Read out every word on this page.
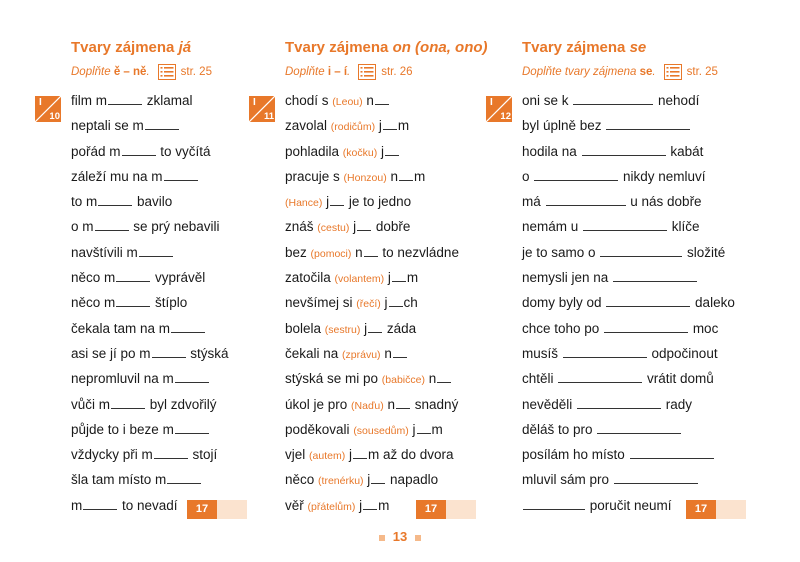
Tvary zájmena já
Doplňte ě – ně.	str. 25
film m	zklamal
neptali se m
pořád m	to vyčítá
záleží mu na m
to m	bavilo
o m	se prý nebavili
navštívili m
něco m	vyprávěl
něco m	štíplo
čekala tam na m
asi se jí po m	stýská
nepromluvil na m
vůči m	byl zdvořilý
půjde to i beze m
vždycky při m	stojí
šla tam místo m
m	to nevadí
Tvary zájmena on (ona, ono)
Doplňte i – í.	str. 26
chodí s (Leou) n
zavolal (rodičům) j m
pohladila (kočku) j
pracuje s (Honzou) n m
(Hance) j je to jedno
znáš (cestu) j dobře
bez (pomoci) n to nezvládne
zatočila (volantem) j m
nevšímej si (řečí) j ch
bolela (sestru) j záda
čekali na (zprávu) n
stýská se mi po (babičce) n
úkol je pro (Naďu) n snadný
poděkovali (sousedům) j m
vjel (autem) j m až do dvora
něco (trenérku) j napadlo
věř (přátelům) j m
Tvary zájmena se
Doplňte tvary zájmena se.	str. 25
oni se k	nehodí
byl úplně bez
hodila na	kabát
o	nikdy nemluví
má	u nás dobře
nemám u	klíče
je to samo o	složité
nemysli jen na
domy byly od	daleko
chce toho po	moc
musíš	odpočinout
chtěli	vrátit domů
nevěděli	rady
děláš to pro
posílám ho místo
mluvil sám pro
poručit neumí
13
I
10
17
I
11
17
I
12
17
